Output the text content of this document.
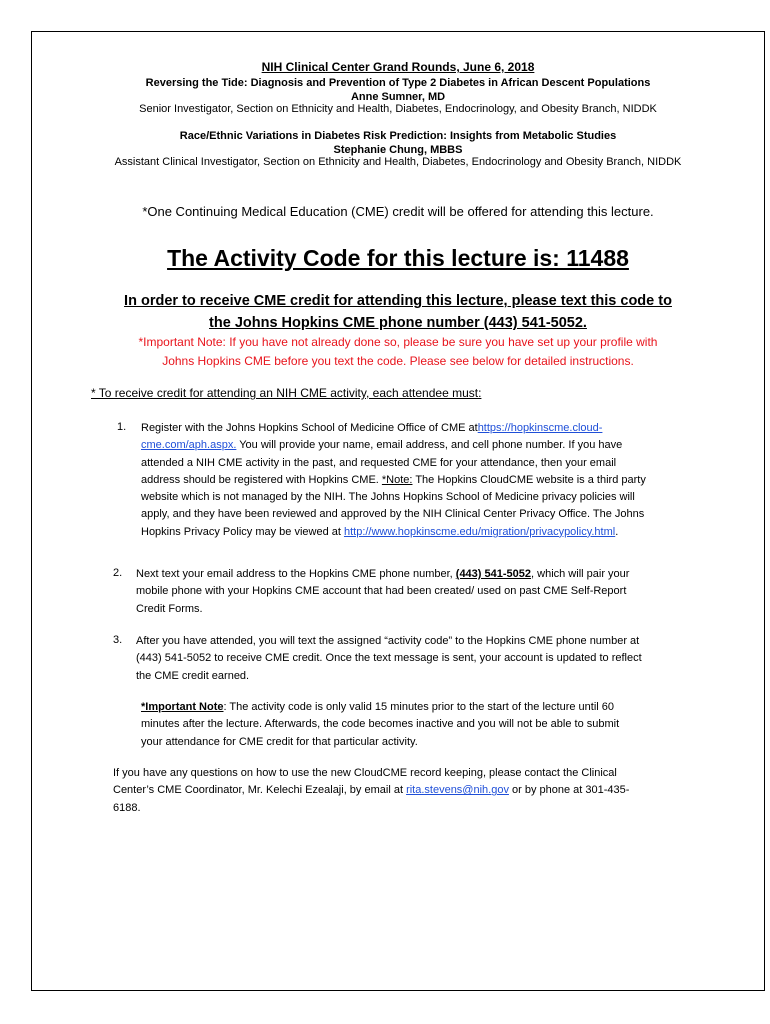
NIH Clinical Center Grand Rounds, June 6, 2018
Reversing the Tide: Diagnosis and Prevention of Type 2 Diabetes in African Descent Populations
Anne Sumner, MD
Senior Investigator, Section on Ethnicity and Health, Diabetes, Endocrinology, and Obesity Branch, NIDDK
Race/Ethnic Variations in Diabetes Risk Prediction: Insights from Metabolic Studies
Stephanie Chung, MBBS
Assistant Clinical Investigator, Section on Ethnicity and Health, Diabetes, Endocrinology and Obesity Branch, NIDDK
*One Continuing Medical Education (CME) credit will be offered for attending this lecture.
The Activity Code for this lecture is: 11488
In order to receive CME credit for attending this lecture, please text this code to
the Johns Hopkins CME phone number (443) 541-5052.
*Important Note: If you have not already done so, please be sure you have set up your profile with
Johns Hopkins CME before you text the code. Please see below for detailed instructions.
* To receive credit for attending an NIH CME activity, each attendee must:
1. Register with the Johns Hopkins School of Medicine Office of CME athttps://hopkinscme.cloud-
cme.com/aph.aspx. You will provide your name, email address, and cell phone number. If you have
attended a NIH CME activity in the past, and requested CME for your attendance, then your email
address should be registered with Hopkins CME. *Note: The Hopkins CloudCME website is a third party
website which is not managed by the NIH. The Johns Hopkins School of Medicine privacy policies will
apply, and they have been reviewed and approved by the NIH Clinical Center Privacy Office. The Johns
Hopkins Privacy Policy may be viewed at http://www.hopkinscme.edu/migration/privacypolicy.html.
2. Next text your email address to the Hopkins CME phone number, (443) 541-5052, which will pair your
mobile phone with your Hopkins CME account that had been created/ used on past CME Self-Report
Credit Forms.
3. After you have attended, you will text the assigned “activity code” to the Hopkins CME phone number at
(443) 541-5052 to receive CME credit. Once the text message is sent, your account is updated to reflect
the CME credit earned.
*Important Note: The activity code is only valid 15 minutes prior to the start of the lecture until 60
minutes after the lecture. Afterwards, the code becomes inactive and you will not be able to submit
your attendance for CME credit for that particular activity.
If you have any questions on how to use the new CloudCME record keeping, please contact the Clinical
Center’s CME Coordinator, Mr. Kelechi Ezealaji, by email at rita.stevens@nih.gov or by phone at 301-435-
6188.
